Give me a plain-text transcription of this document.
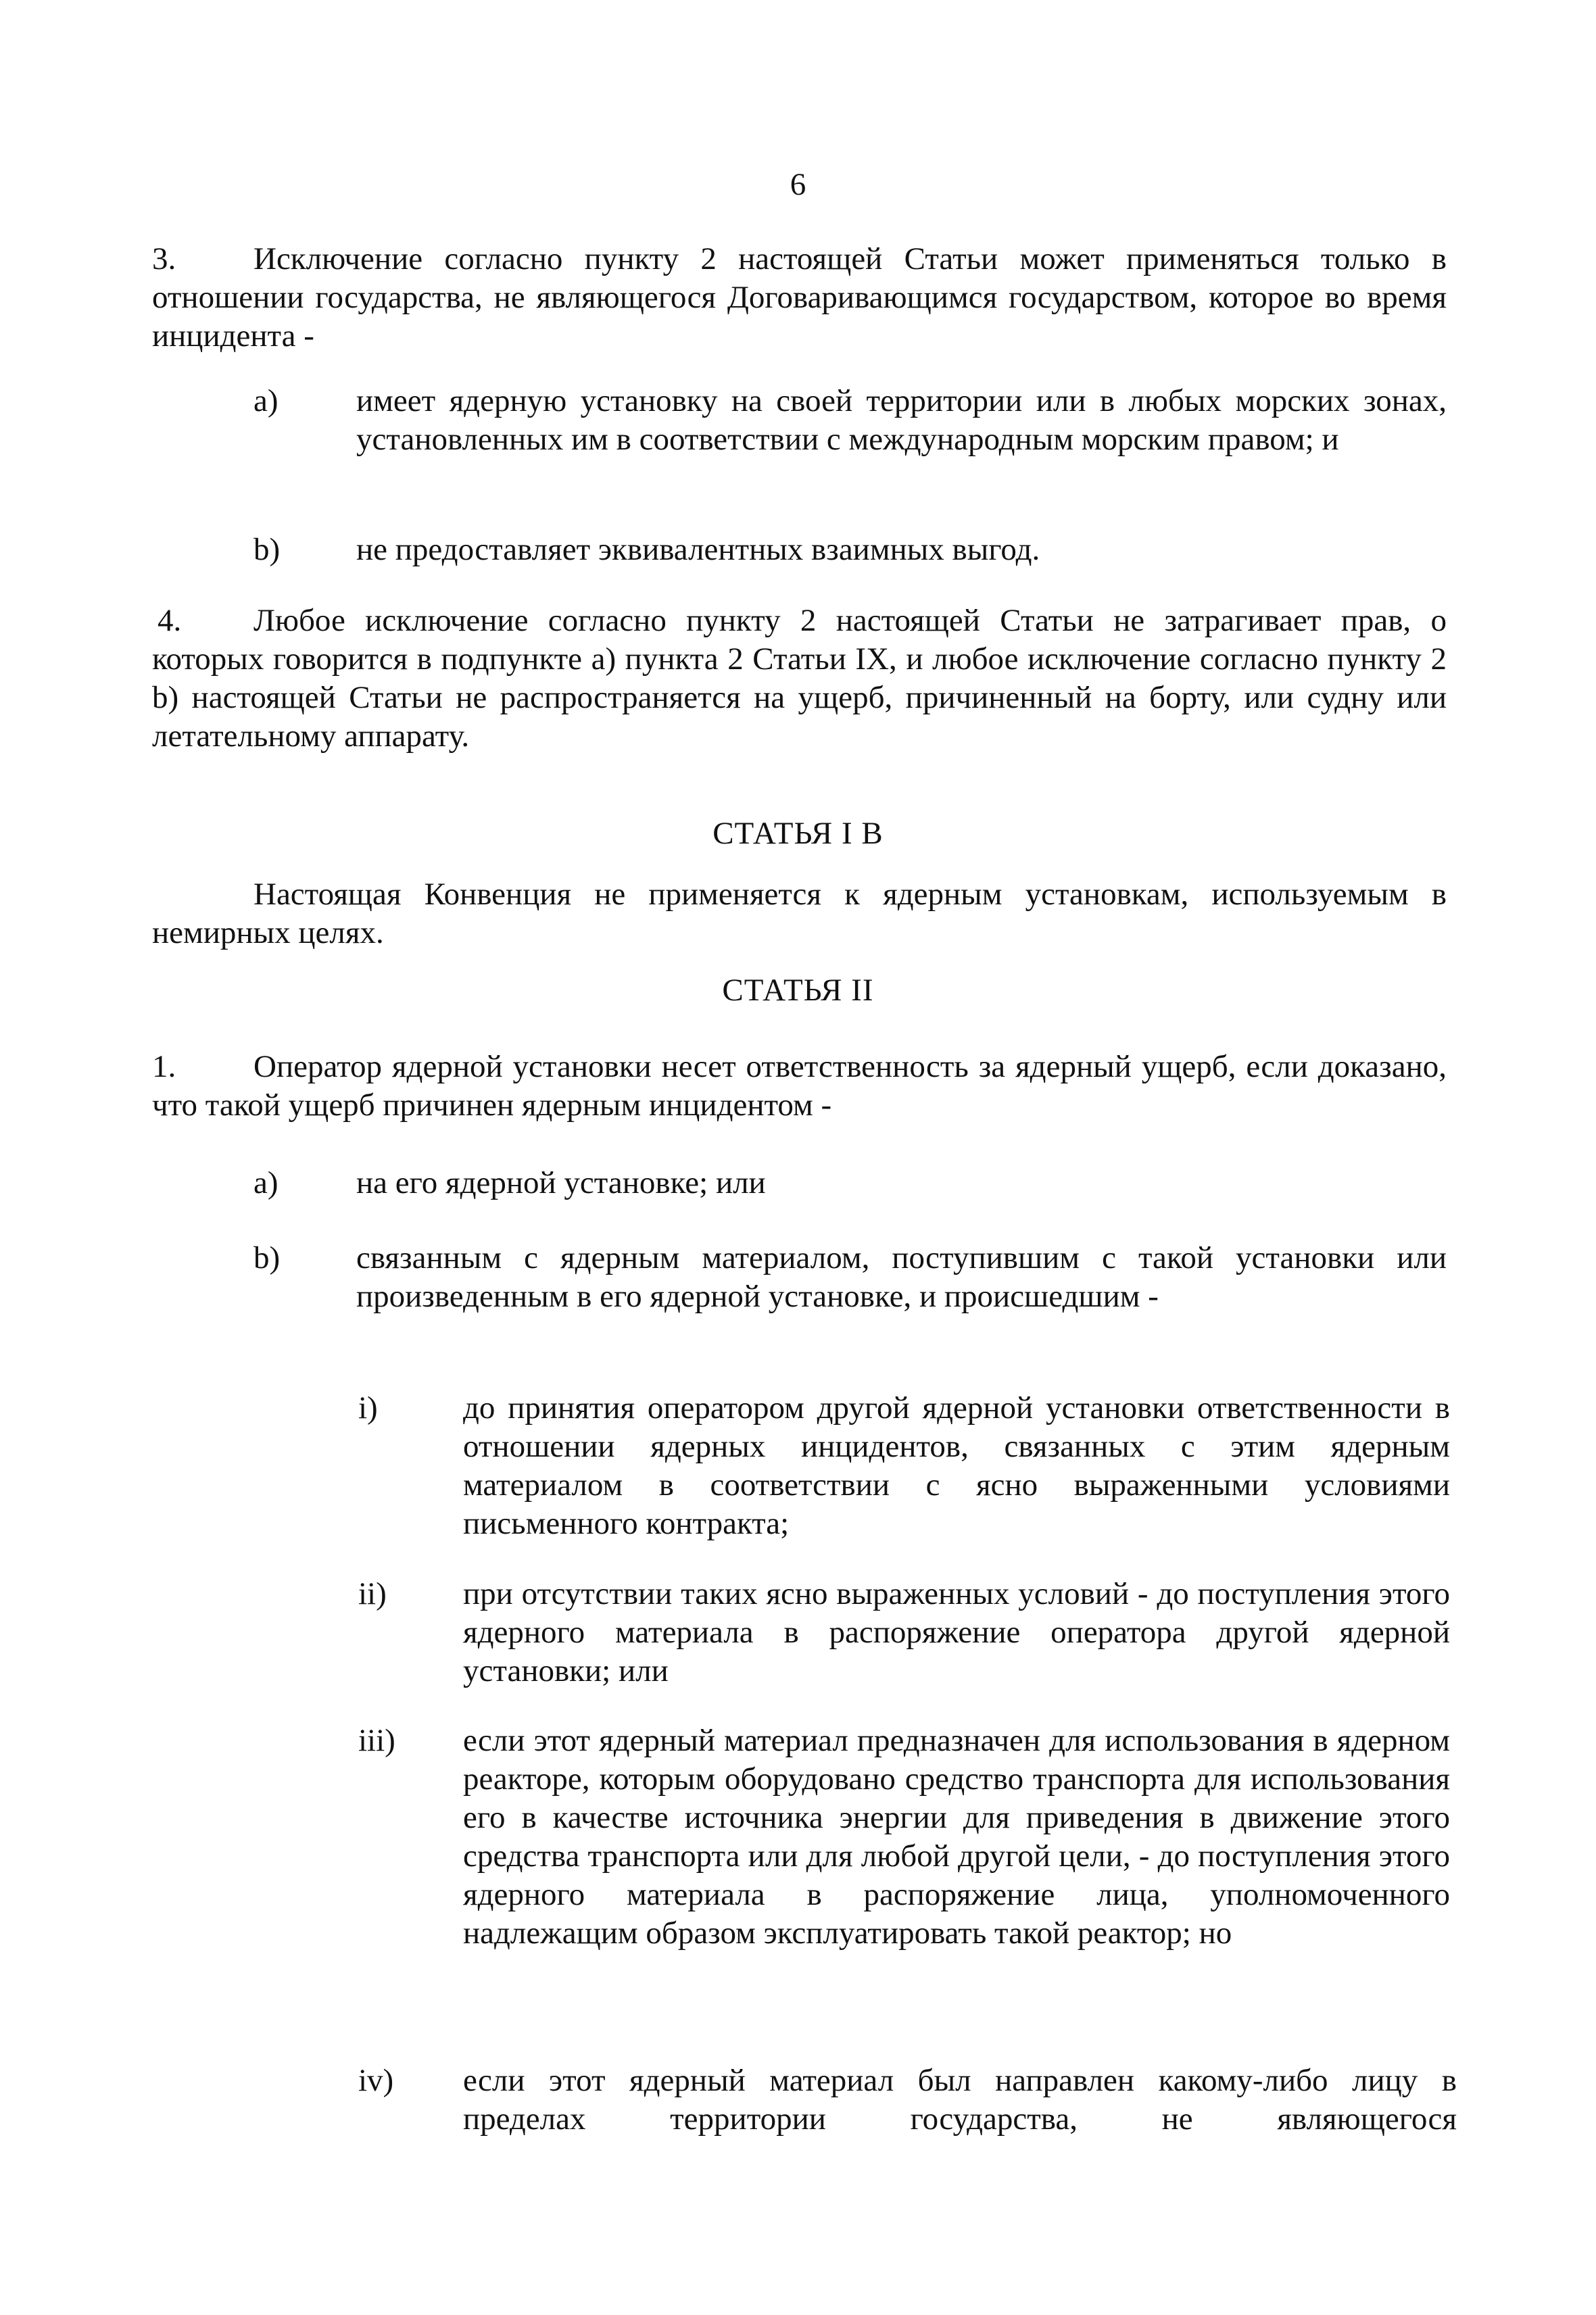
6
3.	Исключение согласно пункту 2 настоящей Статьи может применяться только в отношении государства, не являющегося Договаривающимся государством, которое во время инцидента -

a) имеет ядерную установку на своей территории или в любых морских зонах, установленных им в соответствии с международным морским правом; и

b) не предоставляет эквивалентных взаимных выгод.

4.	Любое исключение согласно пункту 2 настоящей Статьи не затрагивает прав, о которых говорится в подпункте a) пункта 2 Статьи IX, и любое исключение согласно пункту 2 b) настоящей Статьи не распространяется на ущерб, причиненный на борту, или судну или летательному аппарату.

СТАТЬЯ I В

Настоящая Конвенция не применяется к ядерным установкам, используемым в немирных целях.

СТАТЬЯ II
1.	Оператор ядерной установки несет ответственность за ядерный ущерб, если доказано, что такой ущерб причинен ядерным инцидентом -

a) на его ядерной установке; или

b) связанным с ядерным материалом, поступившим с такой установки или произведенным в его ядерной установке, и происшедшим -

i)	до принятия оператором другой ядерной установки ответственности в отношении ядерных инцидентов, связанных с этим ядерным материалом в соответствии с ясно выраженными условиями письменного контракта;

ii) при отсутствии таких ясно выраженных условий - до поступления этого ядерного материала в распоряжение оператора другой ядерной установки; или

iii) если этот ядерный материал предназначен для использования в ядерном реакторе, которым оборудовано средство транспорта для использования его в качестве источника энергии для приведения в движение этого средства транспорта или для любой другой цели, - до поступления этого ядерного материала в распоряжение лица, уполномоченного надлежащим образом эксплуатировать такой реактор; но

iv) если этот ядерный материал был направлен какому-либо лицу в пределах территории государства, не являющегося
